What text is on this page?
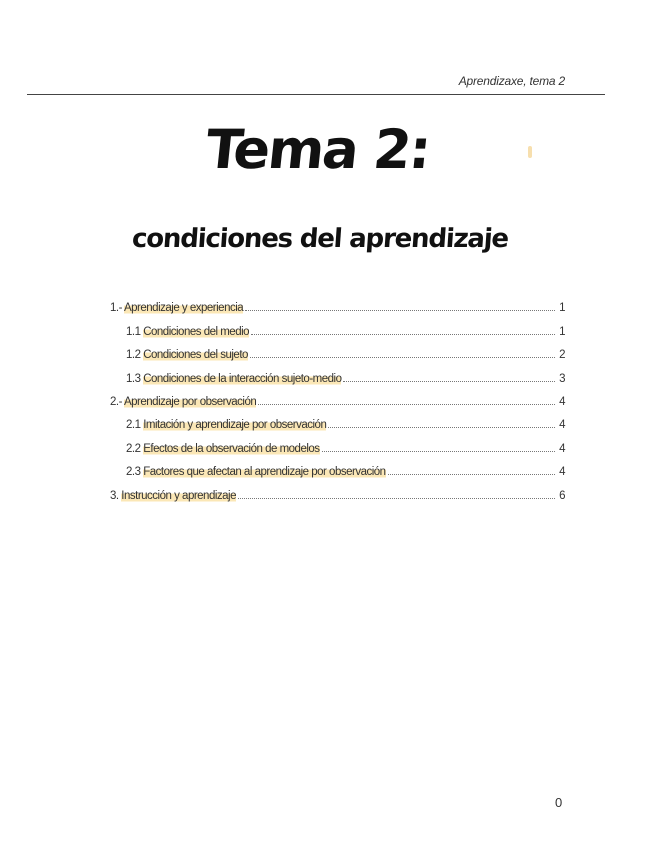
Aprendizaxe, tema 2
Tema 2:
condiciones del aprendizaje
1.- Aprendizaje y experiencia	1
1.1 Condiciones del medio	1
1.2 Condiciones del sujeto	2
1.3 Condiciones de la interacción sujeto-medio	3
2.- Aprendizaje por observación	4
2.1 Imitación y aprendizaje por observación	4
2.2 Efectos de la observación de modelos	4
2.3 Factores que afectan al aprendizaje por observación	4
3. Instrucción y aprendizaje	6
0
